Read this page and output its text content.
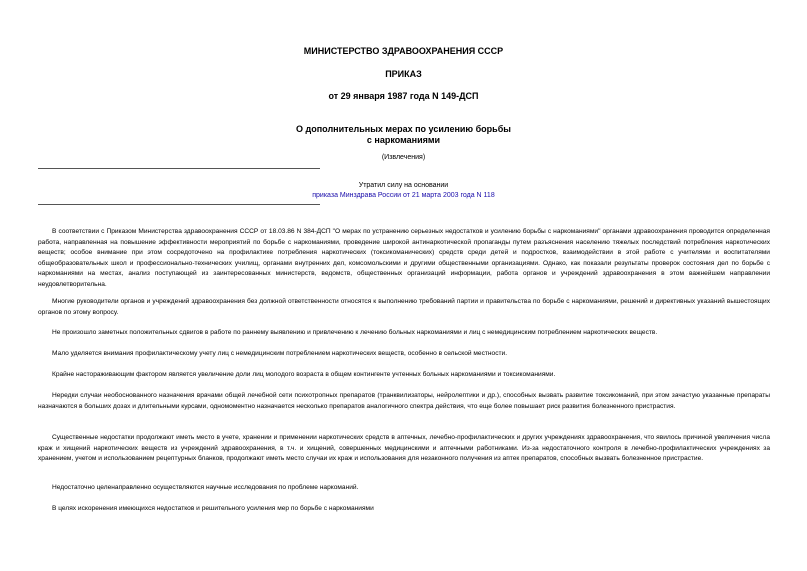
МИНИСТЕРСТВО ЗДРАВООХРАНЕНИЯ СССР

ПРИКАЗ

от 29 января 1987 года N 149-ДСП

О дополнительных мерах по усилению борьбы

с наркоманиями

(Извлечения)

Утратил силу на основании

приказа Минздрава России от 21 марта 2003 года N 118

В соответствии с Приказом Министерства здравоохранения СССР от 18.03.86 N 384-ДСП "О мерах по устранению серьезных недостатков и усилению борьбы с наркоманиями" органами здравоохранения проводится определенная работа, направленная на повышение эффективности мероприятий по борьбе с наркоманиями, проведение широкой антинаркотической пропаганды путем разъяснения населению тяжелых последствий потребления наркотических веществ; особое внимание при этом сосредоточено на профилактике потребления наркотических (токсикоманических) средств среди детей и подростков, взаимодействии в этой работе с учителями и воспитателями общеобразовательных школ и профессионально-технических училищ, органами внутренних дел, комсомольскими и другими общественными организациями. Однако, как показали результаты проверок состояния дел по борьбе с наркоманиями на местах, анализ поступающей из заинтересованных министерств, ведомств, общественных организаций информации, работа органов и учреждений здравоохранения в этом важнейшем направлении неудовлетворительна.

Многие руководители органов и учреждений здравоохранения без должной ответственности относятся к выполнению требований партии и правительства по борьбе с наркоманиями, решений и директивных указаний вышестоящих органов по этому вопросу.

Не произошло заметных положительных сдвигов в работе по раннему выявлению и привлечению к лечению больных наркоманиями и лиц с немедицинским потреблением наркотических веществ.

Мало уделяется внимания профилактическому учету лиц с немедицинским потреблением наркотических веществ, особенно в сельской местности.

Крайне настораживающим фактором является увеличение доли лиц молодого возраста в общем контингенте учтенных больных наркоманиями и токсикоманиями.

Нередки случаи необоснованного назначения врачами общей лечебной сети психотропных препаратов (транквилизаторы, нейролептики и др.), способных вызвать развитие токсикоманий, при этом зачастую указанные препараты назначаются в больших дозах и длительными курсами, одномоментно назначается несколько препаратов аналогичного спектра действия, что еще более повышает риск развития болезненного пристрастия.

Существенные недостатки продолжают иметь место в учете, хранении и применении наркотических средств в аптечных, лечебно-профилактических и других учреждениях здравоохранения, что явилось причиной увеличения числа краж и хищений наркотических веществ из учреждений здравоохранения, в т.ч. и хищений, совершенных медицинскими и аптечными работниками. Из-за недостаточного контроля в лечебно-профилактических учреждениях за хранением, учетом и использованием рецептурных бланков, продолжают иметь место случаи их краж и использования для незаконного получения из аптек препаратов, способных вызвать болезненное пристрастие.

Недостаточно целенаправленно осуществляются научные исследования по проблеме наркоманий.

В целях искоренения имеющихся недостатков и решительного усиления мер по борьбе с наркоманиями
